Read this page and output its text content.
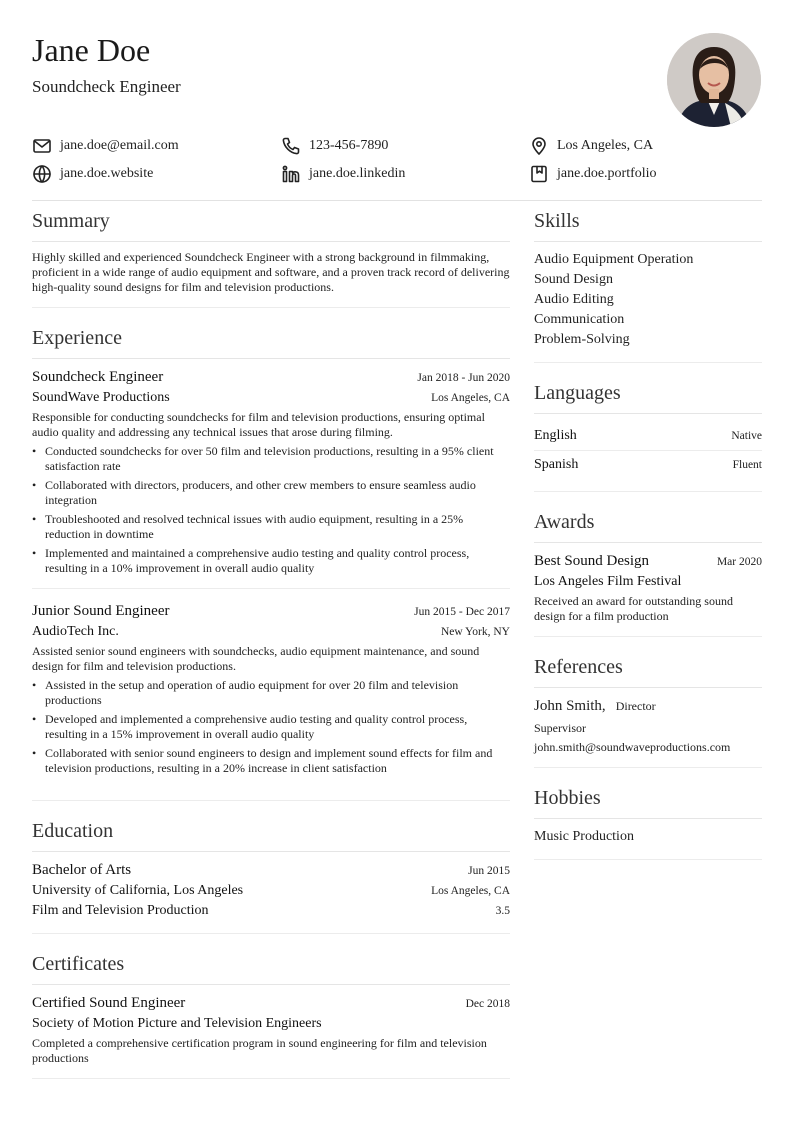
Jane Doe
Soundcheck Engineer
jane.doe@email.com	123-456-7890	Los Angeles, CA
jane.doe.website	jane.doe.linkedin	jane.doe.portfolio
Summary
Highly skilled and experienced Soundcheck Engineer with a strong background in filmmaking, proficient in a wide range of audio equipment and software, and a proven track record of delivering high-quality sound designs for film and television productions.
Experience
Soundcheck Engineer	Jan 2018 - Jun 2020
SoundWave Productions	Los Angeles, CA
Responsible for conducting soundchecks for film and television productions, ensuring optimal audio quality and addressing any technical issues that arose during filming.
• Conducted soundchecks for over 50 film and television productions, resulting in a 95% client satisfaction rate
• Collaborated with directors, producers, and other crew members to ensure seamless audio integration
• Troubleshooted and resolved technical issues with audio equipment, resulting in a 25% reduction in downtime
• Implemented and maintained a comprehensive audio testing and quality control process, resulting in a 10% improvement in overall audio quality
Junior Sound Engineer	Jun 2015 - Dec 2017
AudioTech Inc.	New York, NY
Assisted senior sound engineers with soundchecks, audio equipment maintenance, and sound design for film and television productions.
• Assisted in the setup and operation of audio equipment for over 20 film and television productions
• Developed and implemented a comprehensive audio testing and quality control process, resulting in a 15% improvement in overall audio quality
• Collaborated with senior sound engineers to design and implement sound effects for film and television productions, resulting in a 20% increase in client satisfaction
Education
Bachelor of Arts	Jun 2015
University of California, Los Angeles	Los Angeles, CA
Film and Television Production	3.5
Certificates
Certified Sound Engineer	Dec 2018
Society of Motion Picture and Television Engineers
Completed a comprehensive certification program in sound engineering for film and television productions
Skills
Audio Equipment Operation
Sound Design
Audio Editing
Communication
Problem-Solving
Languages
English	Native
Spanish	Fluent
Awards
Best Sound Design	Mar 2020
Los Angeles Film Festival
Received an award for outstanding sound design for a film production
References
John Smith, Director
Supervisor
john.smith@soundwaveproductions.com
Hobbies
Music Production
